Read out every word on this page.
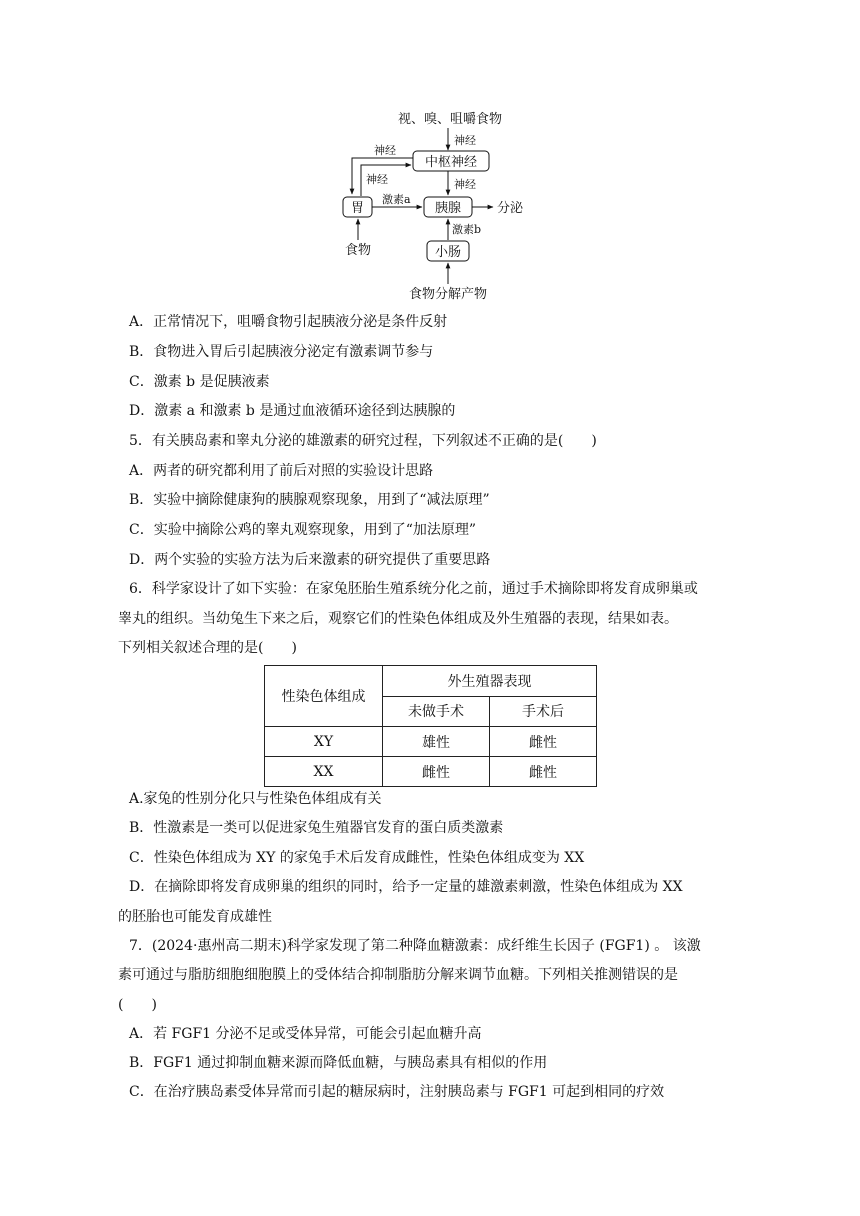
视、嗅、咀嚼食物
神经
中枢神经
神经
神经	神经
胃
激素a
胰腺	分泌
食物
激素b
小肠
食物分解产物
A．正常情况下，咀嚼食物引起胰液分泌是条件反射
B．食物进入胃后引起胰液分泌定有激素调节参与
C．激素 b 是促胰液素
D．激素 a 和激素 b 是通过血液循环途径到达胰腺的
5．有关胰岛素和睾丸分泌的雄激素的研究过程，下列叙述不正确的是(　　)
A．两者的研究都利用了前后对照的实验设计思路
B．实验中摘除健康狗的胰腺观察现象，用到了“减法原理”
C．实验中摘除公鸡的睾丸观察现象，用到了“加法原理”
D．两个实验的实验方法为后来激素的研究提供了重要思路
6．科学家设计了如下实验：在家兔胚胎生殖系统分化之前，通过手术摘除即将发育成卵巢或
睾丸的组织。当幼兔生下来之后，观察它们的性染色体组成及外生殖器的表现，结果如表。
下列相关叙述合理的是(　　)
性染色体组成	外生殖器表现	
	未做手术	手术后
XY	雄性	雌性
XX	雌性	雌性
A.家兔的性别分化只与性染色体组成有关
B．性激素是一类可以促进家兔生殖器官发育的蛋白质类激素
C．性染色体组成为 XY 的家兔手术后发育成雌性，性染色体组成变为 XX
D．在摘除即将发育成卵巢的组织的同时，给予一定量的雄激素刺激，性染色体组成为 XX
的胚胎也可能发育成雄性
7．(2024·惠州高二期末)科学家发现了第二种降血糖激素：成纤维生长因子 (FGF1) 。 该激
素可通过与脂肪细胞细胞膜上的受体结合抑制脂肪分解来调节血糖。下列相关推测错误的是
(　　)
A．若 FGF1 分泌不足或受体异常，可能会引起血糖升高
B．FGF1 通过抑制血糖来源而降低血糖，与胰岛素具有相似的作用
C．在治疗胰岛素受体异常而引起的糖尿病时，注射胰岛素与 FGF1 可起到相同的疗效
